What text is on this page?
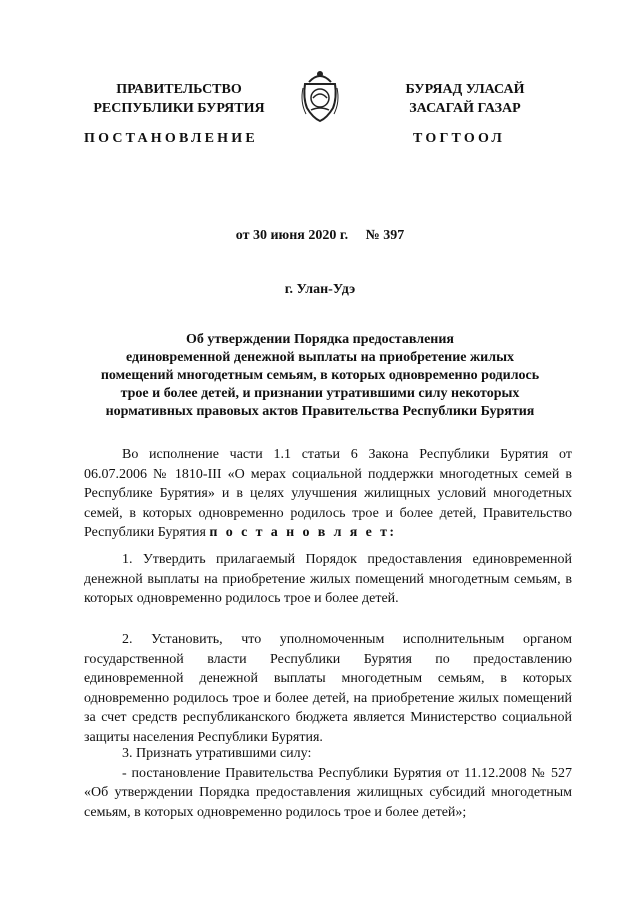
ПРАВИТЕЛЬСТВО
РЕСПУБЛИКИ БУРЯТИЯ
БУРЯАД УЛАСАЙ
ЗАСАГАЙ ГАЗАР
ПОСТАНОВЛЕНИЕ	ТОГТООЛ
от 30 июня 2020 г.     № 397
г. Улан-Удэ
Об утверждении Порядка предоставления
единовременной денежной выплаты на приобретение жилых
помещений многодетным семьям, в которых одновременно родилось
трое и более детей, и признании утратившими силу некоторых
нормативных правовых актов Правительства Республики Бурятия

Во исполнение части 1.1 статьи 6 Закона Республики Бурятия от 06.07.2006 № 1810-III «О мерах социальной поддержки многодетных семей в Республике Бурятия» и в целях улучшения жилищных условий многодетных семей, в которых одновременно родилось трое и более детей, Правительство Республики Бурятия п о с т а н о в л я е т:

1. Утвердить прилагаемый Порядок предоставления единовременной денежной выплаты на приобретение жилых помещений многодетным семьям, в которых одновременно родилось трое и более детей.

2. Установить, что уполномоченным исполнительным органом государственной власти Республики Бурятия по предоставлению единовременной денежной выплаты многодетным семьям, в которых одновременно родилось трое и более детей, на приобретение жилых помещений за счет средств республиканского бюджета является Министерство социальной защиты населения Республики Бурятия.

3. Признать утратившими силу:

- постановление Правительства Республики Бурятия от 11.12.2008 № 527 «Об утверждении Порядка предоставления жилищных субсидий многодетным семьям, в которых одновременно родилось трое и более детей»;
